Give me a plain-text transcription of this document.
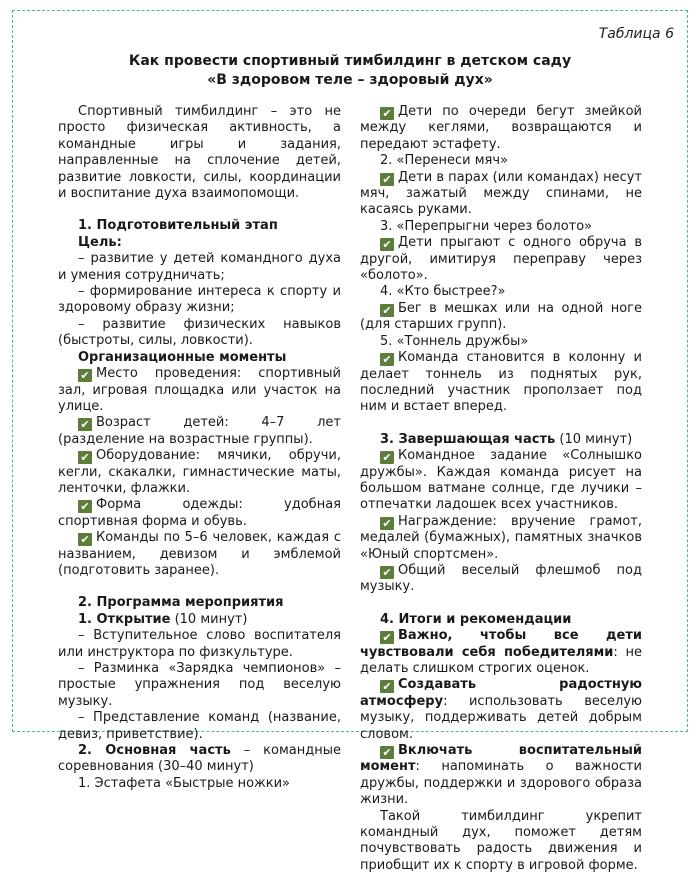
Таблица 6
Как провести спортивный тимбилдинг в детском саду
«В здоровом теле – здоровый дух»

Спортивный тимбилдинг – это не просто физическая активность, а командные игры и задания, направленные на сплочение детей, развитие ловкости, силы, координации и воспитание духа взаимопомощи.

1. Подготовительный этап

Цель:

– развитие у детей командного духа и умения сотрудничать;

– формирование интереса к спорту и здоровому образу жизни;

– развитие физических навыков (быстроты, силы, ловкости).

Организационные моменты

✔ Место проведения: спортивный зал, игровая площадка или участок на улице.

✔ Возраст детей: 4–7 лет (разделение на возрастные группы).

✔ Оборудование: мячики, обручи, кегли, скакалки, гимнастические маты, ленточки, флажки.

✔ Форма одежды: удобная спортивная форма и обувь.

✔ Команды по 5–6 человек, каждая с названием, девизом и эмблемой (подготовить заранее).

2. Программа мероприятия

1. Открытие (10 минут)

– Вступительное слово воспитателя или инструктора по физкультуре.

– Разминка «Зарядка чемпионов» – простые упражнения под веселую музыку.

– Представление команд (название, девиз, приветствие).

2. Основная часть – командные соревнования (30–40 минут)

1. Эстафета «Быстрые ножки»

✔ Дети по очереди бегут змейкой между кеглями, возвращаются и передают эстафету.

2. «Перенеси мяч»

✔ Дети в парах (или командах) несут мяч, зажатый между спинами, не касаясь руками.

3. «Перепрыгни через болото»

✔ Дети прыгают с одного обруча в другой, имитируя переправу через «болото».

4. «Кто быстрее?»

✔ Бег в мешках или на одной ноге (для старших групп).

5. «Тоннель дружбы»

✔ Команда становится в колонну и делает тоннель из поднятых рук, последний участник проползает под ним и встает вперед.

3. Завершающая часть (10 минут)

✔ Командное задание «Солнышко дружбы». Каждая команда рисует на большом ватмане солнце, где лучики – отпечатки ладошек всех участников.

✔ Награждение: вручение грамот, медалей (бумажных), памятных значков «Юный спортсмен».

✔ Общий веселый флешмоб под музыку.

4. Итоги и рекомендации

✔ Важно, чтобы все дети чувствовали себя победителями: не делать слишком строгих оценок.

✔ Создавать радостную атмосферу: использовать веселую музыку, поддерживать детей добрым словом.

✔ Включать воспитательный момент: напоминать о важности дружбы, поддержки и здорового образа жизни.

Такой тимбилдинг укрепит командный дух, поможет детям почувствовать радость движения и приобщит их к спорту в игровой форме.
